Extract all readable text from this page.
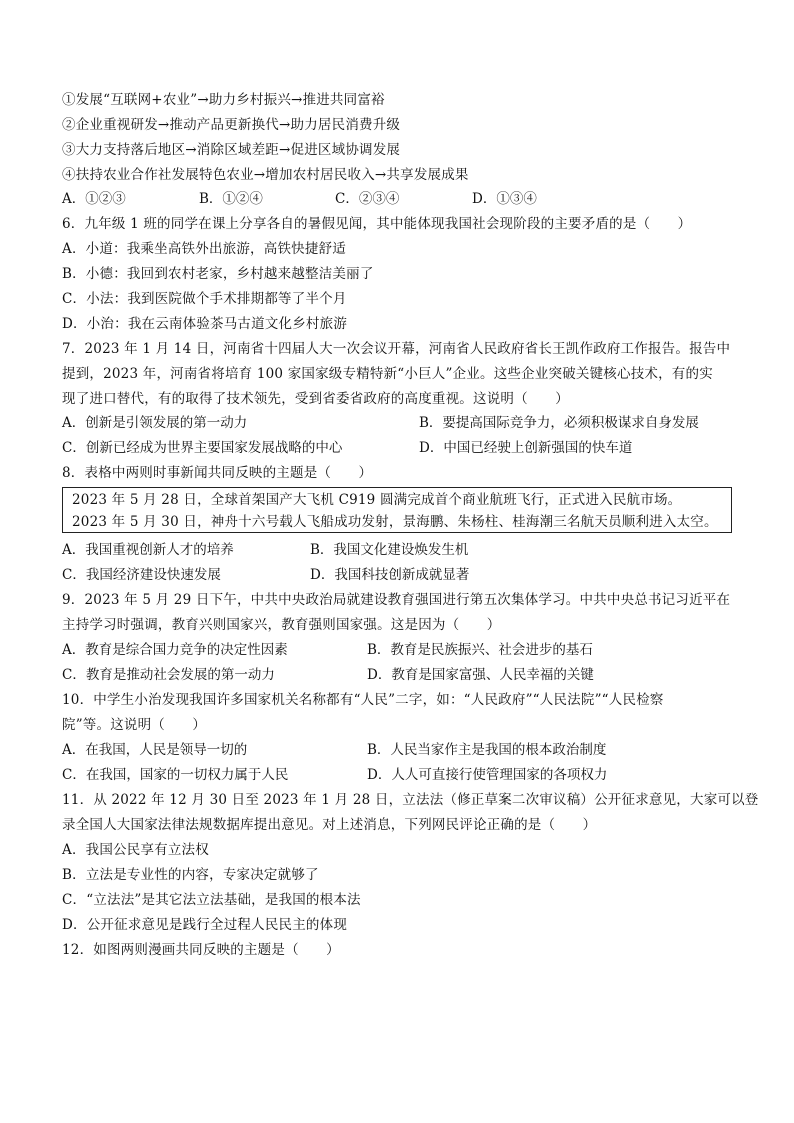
①发展“互联网+农业”→助力乡村振兴→推进共同富裕
②企业重视研发→推动产品更新换代→助力居民消费升级
③大力支持落后地区→消除区域差距→促进区域协调发展
④扶持农业合作社发展特色农业→增加农村居民收入→共享发展成果
A．①②③	B．①②④	C．②③④	D．①③④
6．九年级 1 班的同学在课上分享各自的暑假见闻，其中能体现我国社会现阶段的主要矛盾的是（　　）
A．小道：我乘坐高铁外出旅游，高铁快捷舒适
B．小德：我回到农村老家，乡村越来越整洁美丽了
C．小法：我到医院做个手术排期都等了半个月
D．小治：我在云南体验茶马古道文化乡村旅游
7．2023 年 1 月 14 日，河南省十四届人大一次会议开幕，河南省人民政府省长王凯作政府工作报告。报告中
提到，2023 年，河南省将培育 100 家国家级专精特新“小巨人”企业。这些企业突破关键核心技术，有的实
现了进口替代，有的取得了技术领先，受到省委省政府的高度重视。这说明（　　）
A．创新是引领发展的第一动力	B．要提高国际竞争力，必须积极谋求自身发展
C．创新已经成为世界主要国家发展战略的中心	D．中国已经驶上创新强国的快车道
8．表格中两则时事新闻共同反映的主题是（　　）
2023 年 5 月 28 日，全球首架国产大飞机 C919 圆满完成首个商业航班飞行，正式进入民航市场。
2023 年 5 月 30 日，神舟十六号载人飞船成功发射，景海鹏、朱杨柱、桂海潮三名航天员顺利进入太空。
A．我国重视创新人才的培养	B．我国文化建设焕发生机
C．我国经济建设快速发展	D．我国科技创新成就显著
9．2023 年 5 月 29 日下午，中共中央政治局就建设教育强国进行第五次集体学习。中共中央总书记习近平在
主持学习时强调，教育兴则国家兴，教育强则国家强。这是因为（　　）
A．教育是综合国力竞争的决定性因素	B．教育是民族振兴、社会进步的基石
C．教育是推动社会发展的第一动力	D．教育是国家富强、人民幸福的关键
10．中学生小治发现我国许多国家机关名称都有“人民”二字，如：“人民政府”“人民法院”“人民检察
院”等。这说明（　　）
A．在我国，人民是领导一切的	B．人民当家作主是我国的根本政治制度
C．在我国，国家的一切权力属于人民	D．人人可直接行使管理国家的各项权力
11．从 2022 年 12 月 30 日至 2023 年 1 月 28 日，立法法（修正草案二次审议稿）公开征求意见，大家可以登
录全国人大国家法律法规数据库提出意见。对上述消息，下列网民评论正确的是（　　）
A．我国公民享有立法权
B．立法是专业性的内容，专家决定就够了
C．“立法法”是其它法立法基础，是我国的根本法
D．公开征求意见是践行全过程人民民主的体现
12．如图两则漫画共同反映的主题是（　　）
